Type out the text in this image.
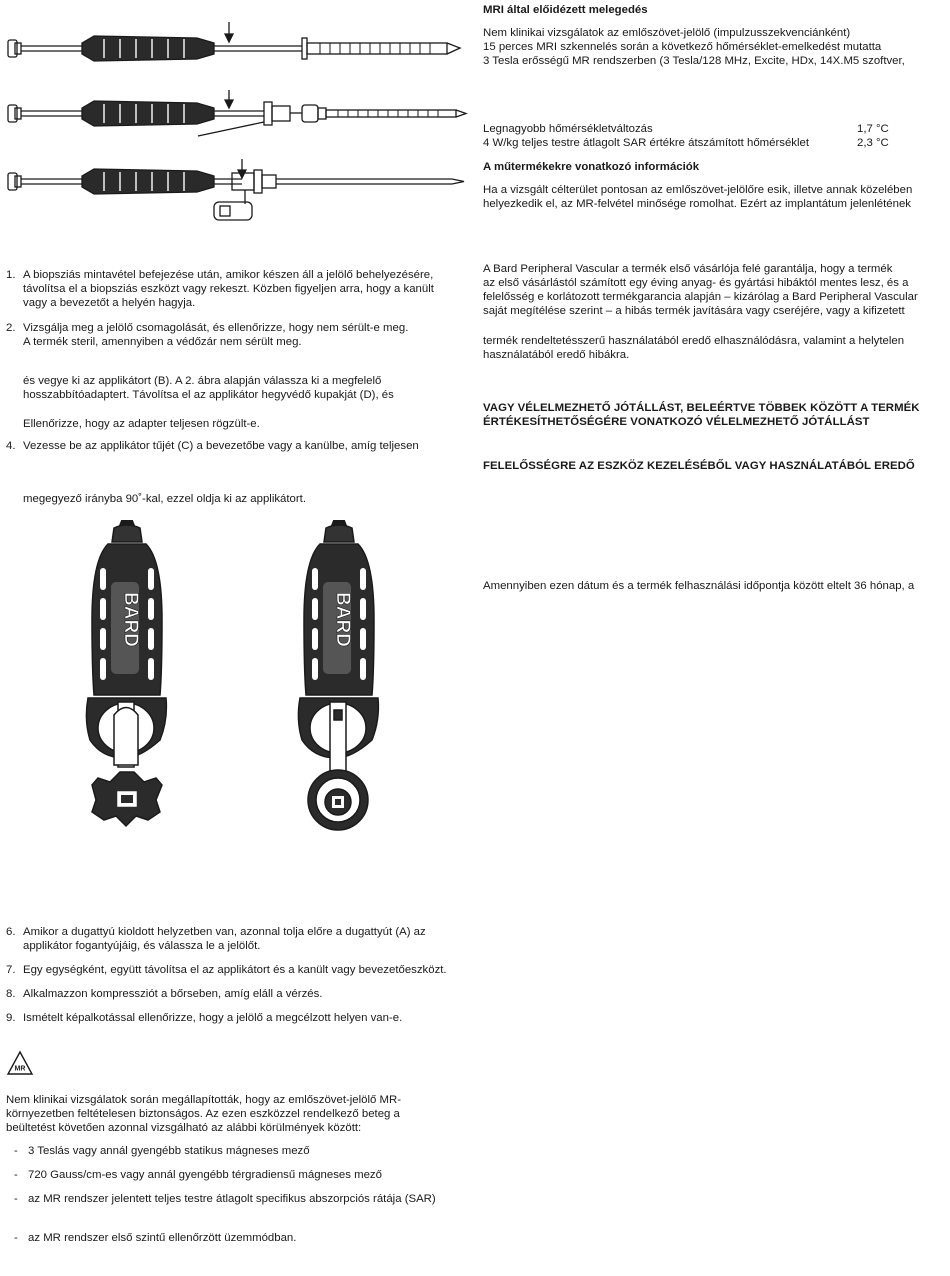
MRI által előidézett melegedés
Nem klinikai vizsgálatok az emlőszövet-jelölő (impulzusszekvenciánként)
15 perces MRI szkennelés során a következő hőmérséklet-emelkedést mutatta
3 Tesla erősségű MR rendszerben (3 Tesla/128 MHz, Excite, HDx, 14X.M5 szoftver,
Legnagyobb hőmérsékletváltozás	1,7 °C
4 W/kg teljes testre átlagolt SAR értékre átszámított hőmérséklet	2,3 °C
A műtermékekre vonatkozó információk
Ha a vizsgált célterület pontosan az emlőszövet-jelölőre esik, illetve annak közelében
helyezkedik el, az MR-felvétel minősége romolhat. Ezért az implantátum jelenlétének
A Bard Peripheral Vascular a termék első vásárlója felé garantálja, hogy a termék
az első vásárlástól számított egy éving anyag- és gyártási hibáktól mentes lesz, és a
felelősség e korlátozott termékgarancia alapján – kizárólag a Bard Peripheral Vascular
saját megítélése szerint – a hibás termék javítására vagy cseréjére, vagy a kifizetett
termék rendeltetésszerű használatából eredő elhasználódásra, valamint a helytelen
használatából eredő hibákra.
VAGY VÉLELMEZHETŐ JÓTÁLLÁST, BELEÉRTVE TÖBBEK KÖZÖTT A TERMÉK
ÉRTÉKESÍTHETŐSÉGÉRE VONATKOZÓ VÉLELMEZHETŐ JÓTÁLLÁST
FELELŐSSÉGRE AZ ESZKÖZ KEZELÉSÉBŐL VAGY HASZNÁLATÁBÓL EREDŐ
Amennyiben ezen dátum és a termék felhasználási időpontja között eltelt 36 hónap, a
1. A biopsziás mintavétel befejezése után, amikor készen áll a jelölő behelyezésére,
távolítsa el a biopsziás eszközt vagy rekeszt. Közben figyeljen arra, hogy a kanült
vagy a bevezetőt a helyén hagyja.
2. Vizsgálja meg a jelölő csomagolását, és ellenőrizze, hogy nem sérült-e meg.
A termék steril, amennyiben a védőzár nem sérült meg.
és vegye ki az applikátort (B). A 2. ábra alapján válassza ki a megfelelő
hosszabbítóadaptert. Távolítsa el az applikátor hegyvédő kupakját (D), és
Ellenőrizze, hogy az adapter teljesen rögzült-e.
4. Vezesse be az applikátor tűjét (C) a bevezetőbe vagy a kanülbe, amíg teljesen
megegyező irányba 90˚-kal, ezzel oldja ki az applikátort.
BARD	BARD
6. Amikor a dugattyú kioldott helyzetben van, azonnal tolja előre a dugattyút (A) az
applikátor fogantyújáig, és válassza le a jelölőt.
7. Egy egységként, együtt távolítsa el az applikátort és a kanült vagy bevezetőeszközt.
8. Alkalmazzon kompressziót a bőrseben, amíg eláll a vérzés.
9. Ismételt képalkotással ellenőrizze, hogy a jelölő a megcélzott helyen van-e.
MR
Nem klinikai vizsgálatok során megállapították, hogy az emlőszövet-jelölő MR-
környezetben feltételesen biztonságos. Az ezen eszközzel rendelkező beteg a
beültetést követően azonnal vizsgálható az alábbi körülmények között:
- 3 Teslás vagy annál gyengébb statikus mágneses mező
- 720 Gauss/cm-es vagy annál gyengébb térgradiensű mágneses mező
- az MR rendszer jelentett teljes testre átlagolt specifikus abszorpciós rátája (SAR)
- az MR rendszer első szintű ellenőrzött üzemmódban.
